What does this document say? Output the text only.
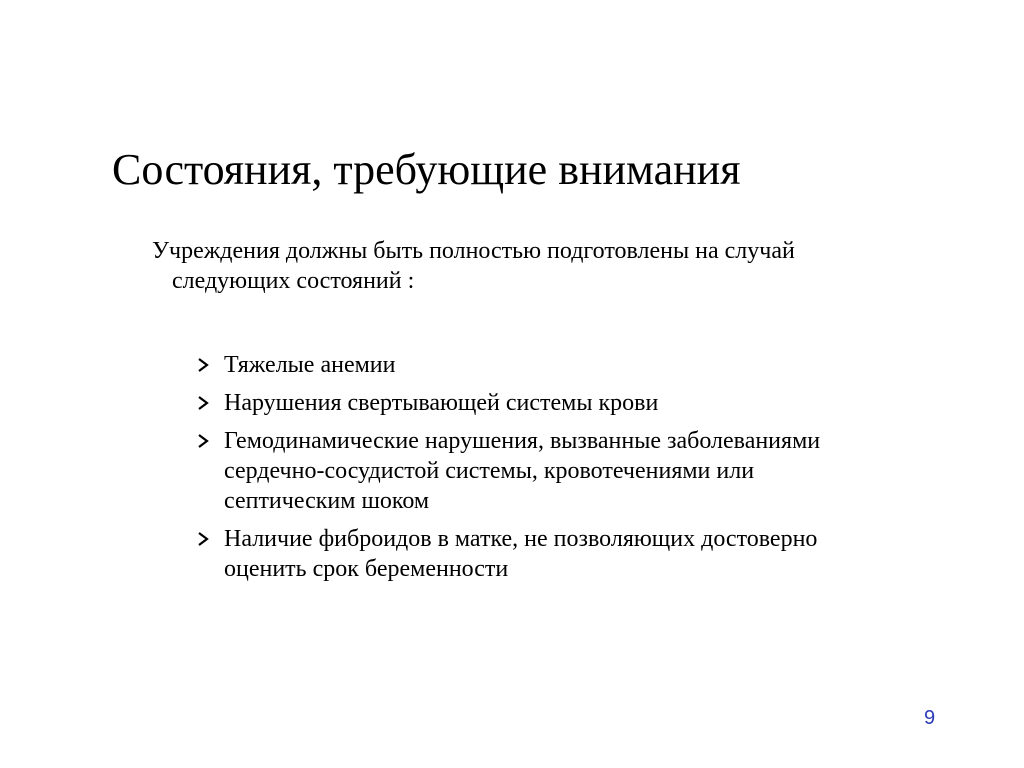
Состояния, требующие внимания
Учреждения должны быть полностью подготовлены на случай
следующих состояний :
Тяжелые анемии
Нарушения свертывающей системы крови
Гемодинамические нарушения, вызванные заболеваниями
сердечно-сосудистой системы, кровотечениями или
септическим шоком
Наличие фиброидов в матке, не позволяющих достоверно
оценить срок беременности
9
